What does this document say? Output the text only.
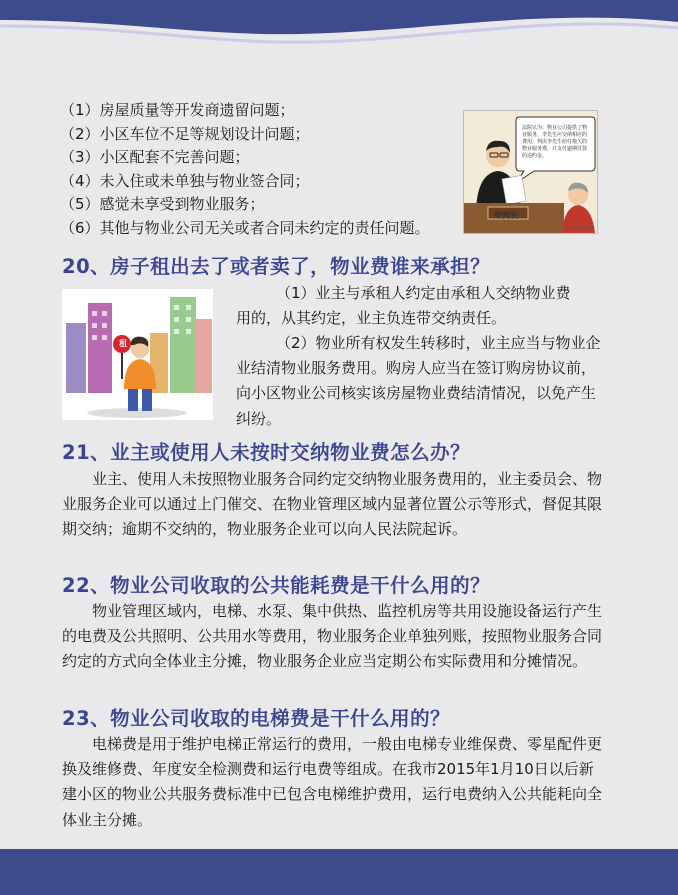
（1）房屋质量等开发商遗留问题；
（2）小区车位不足等规划设计问题；
（3）小区配套不完善问题；
（4）未入住或未单独与物业签合同；
（5）感觉未享受到物业服务；
（6）其他与物业公司无关或者合同未约定的责任问题。
法院认为：物业公司提供了物业服务，李先生应交纳相应的费用，判决李先生给付拖欠的物业服务费，并支付逾期付款的违约金。
审判长
物业管理服务
20、房子租出去了或者卖了，物业费谁来承担？
租

（1）业主与承租人约定由承租人交纳物业费
用的，从其约定，业主负连带交纳责任。

（2）物业所有权发生转移时，业主应当与物业企业结清物业服务费用。购房人应当在签订购房协议前，向小区物业公司核实该房屋物业费结清情况，以免产生纠纷。

21、业主或使用人未按时交纳物业费怎么办？

业主、使用人未按照物业服务合同约定交纳物业服务费用的，业主委员会、物业服务企业可以通过上门催交、在物业管理区域内显著位置公示等形式，督促其限期交纳；逾期不交纳的，物业服务企业可以向人民法院起诉。

22、物业公司收取的公共能耗费是干什么用的？

物业管理区域内，电梯、水泵、集中供热、监控机房等共用设施设备运行产生的电费及公共照明、公共用水等费用，物业服务企业单独列账，按照物业服务合同约定的方式向全体业主分摊，物业服务企业应当定期公布实际费用和分摊情况。

23、物业公司收取的电梯费是干什么用的？

电梯费是用于维护电梯正常运行的费用，一般由电梯专业维保费、零星配件更换及维修费、年度安全检测费和运行电费等组成。在我市2015年1月10日以后新建小区的物业公共服务费标准中已包含电梯维护费用，运行电费纳入公共能耗向全体业主分摊。
